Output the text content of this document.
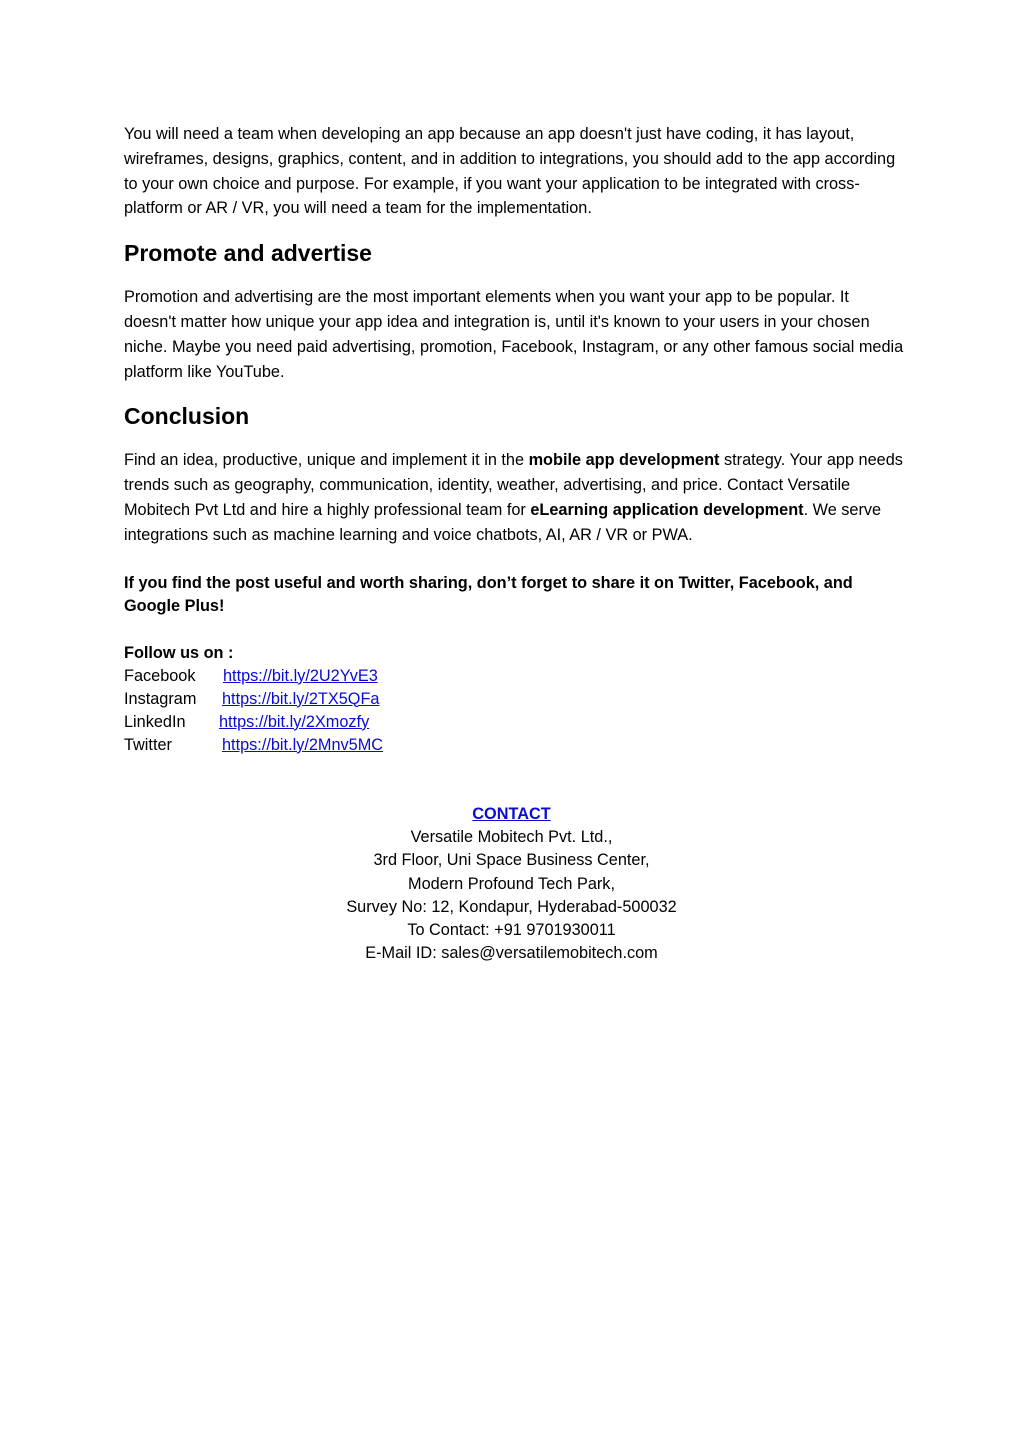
You will need a team when developing an app because an app doesn't just have coding, it has layout, wireframes, designs, graphics, content, and in addition to integrations, you should add to the app according to your own choice and purpose. For example, if you want your application to be integrated with cross-platform or AR / VR, you will need a team for the implementation.

Promote and advertise

Promotion and advertising are the most important elements when you want your app to be popular. It doesn't matter how unique your app idea and integration is, until it's known to your users in your chosen niche. Maybe you need paid advertising, promotion, Facebook, Instagram, or any other famous social media platform like YouTube.

Conclusion

Find an idea, productive, unique and implement it in the mobile app development strategy. Your app needs trends such as geography, communication, identity, weather, advertising, and price. Contact Versatile Mobitech Pvt Ltd and hire a highly professional team for eLearning application development. We serve integrations such as machine learning and voice chatbots, AI, AR / VR or PWA.

If you find the post useful and worth sharing, don’t forget to share it on Twitter, Facebook, and Google Plus!

Follow us on :
Facebook	https://bit.ly/2U2YvE3
Instagram	https://bit.ly/2TX5QFa
LinkedIn	https://bit.ly/2Xmozfy
Twitter	https://bit.ly/2Mnv5MC
CONTACT
Versatile Mobitech Pvt. Ltd.,
3rd Floor, Uni Space Business Center,
Modern Profound Tech Park,
Survey No: 12, Kondapur, Hyderabad-500032
To Contact: +91 9701930011
E-Mail ID: sales@versatilemobitech.com
